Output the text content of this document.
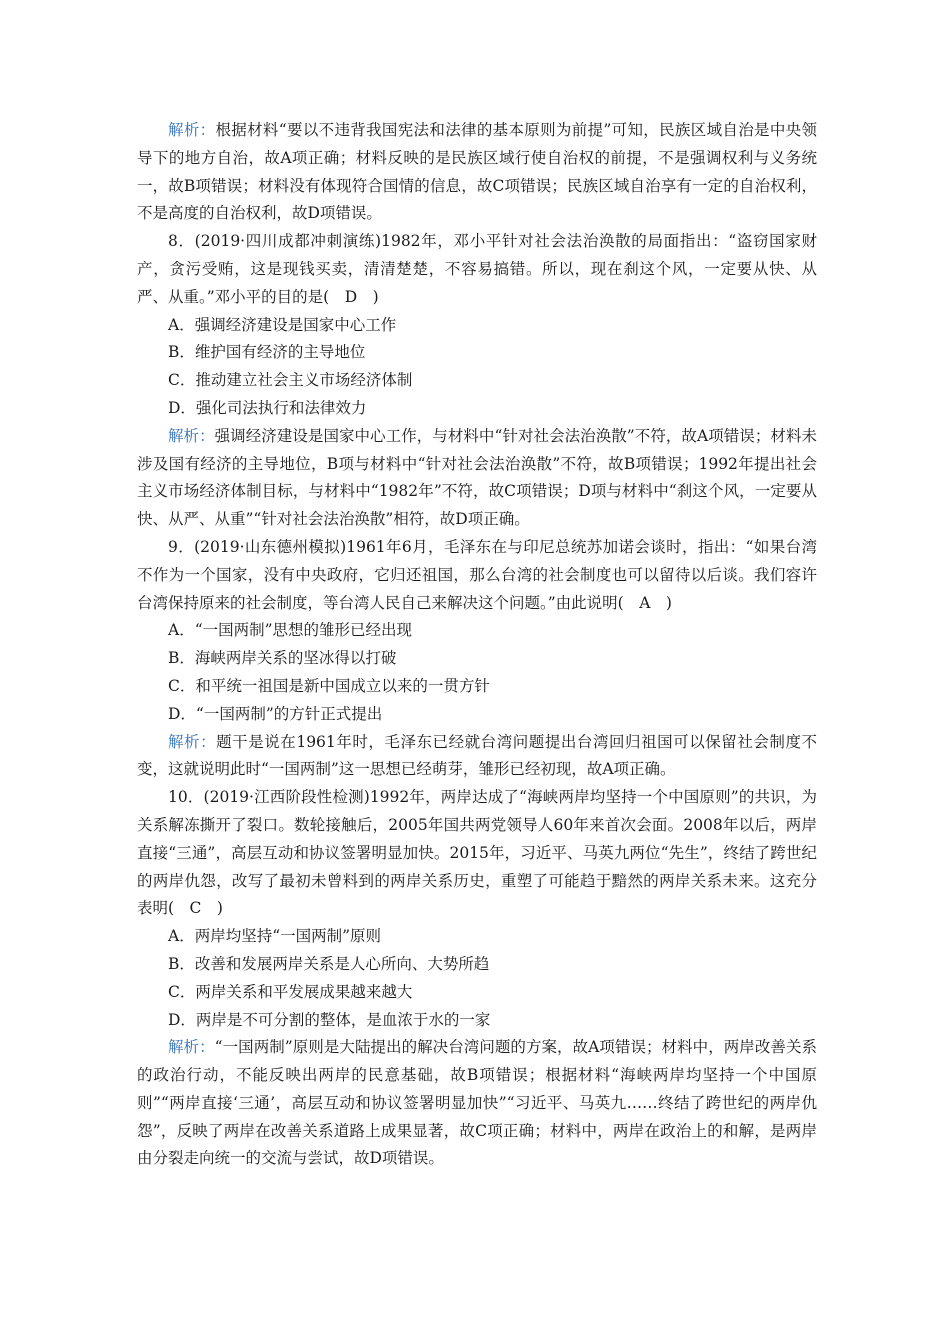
解析：根据材料“要以不违背我国宪法和法律的基本原则为前提”可知，民族区域自治是中央领导下的地方自治，故A项正确；材料反映的是民族区域行使自治权的前提，不是强调权利与义务统一，故B项错误；材料没有体现符合国情的信息，故C项错误；民族区域自治享有一定的自治权利，不是高度的自治权利，故D项错误。

8．(2019·四川成都冲刺演练)1982年，邓小平针对社会法治涣散的局面指出：“盗窃国家财产，贪污受贿，这是现钱买卖，清清楚楚，不容易搞错。所以，现在刹这个风，一定要从快、从严、从重。”邓小平的目的是(　D　)

A．强调经济建设是国家中心工作

B．维护国有经济的主导地位

C．推动建立社会主义市场经济体制

D．强化司法执行和法律效力

解析：强调经济建设是国家中心工作，与材料中“针对社会法治涣散”不符，故A项错误；材料未涉及国有经济的主导地位，B项与材料中“针对社会法治涣散”不符，故B项错误；1992年提出社会主义市场经济体制目标，与材料中“1982年”不符，故C项错误；D项与材料中“刹这个风，一定要从快、从严、从重”“针对社会法治涣散”相符，故D项正确。

9．(2019·山东德州模拟)1961年6月，毛泽东在与印尼总统苏加诺会谈时，指出：“如果台湾不作为一个国家，没有中央政府，它归还祖国，那么台湾的社会制度也可以留待以后谈。我们容许台湾保持原来的社会制度，等台湾人民自己来解决这个问题。”由此说明(　A　)

A．“一国两制”思想的雏形已经出现

B．海峡两岸关系的坚冰得以打破

C．和平统一祖国是新中国成立以来的一贯方针

D．“一国两制”的方针正式提出

解析：题干是说在1961年时，毛泽东已经就台湾问题提出台湾回归祖国可以保留社会制度不变，这就说明此时“一国两制”这一思想已经萌芽，雏形已经初现，故A项正确。

10．(2019·江西阶段性检测)1992年，两岸达成了“海峡两岸均坚持一个中国原则”的共识，为关系解冻撕开了裂口。数轮接触后，2005年国共两党领导人60年来首次会面。2008年以后，两岸直接“三通”，高层互动和协议签署明显加快。2015年，习近平、马英九两位“先生”，终结了跨世纪的两岸仇怨，改写了最初未曾料到的两岸关系历史，重塑了可能趋于黯然的两岸关系未来。这充分表明(　C　)

A．两岸均坚持“一国两制”原则

B．改善和发展两岸关系是人心所向、大势所趋

C．两岸关系和平发展成果越来越大

D．两岸是不可分割的整体，是血浓于水的一家

解析：“一国两制”原则是大陆提出的解决台湾问题的方案，故A项错误；材料中，两岸改善关系的政治行动，不能反映出两岸的民意基础，故B项错误；根据材料“海峡两岸均坚持一个中国原则”“两岸直接‘三通’，高层互动和协议签署明显加快”“习近平、马英九……终结了跨世纪的两岸仇怨”，反映了两岸在改善关系道路上成果显著，故C项正确；材料中，两岸在政治上的和解，是两岸由分裂走向统一的交流与尝试，故D项错误。
